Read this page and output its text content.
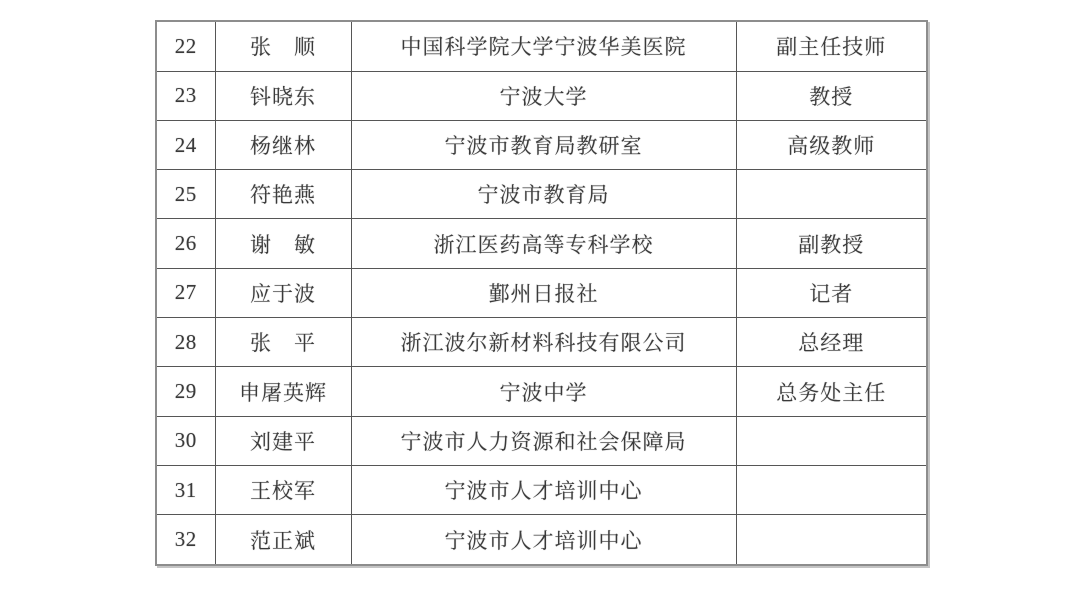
22	张　顺	中国科学院大学宁波华美医院	副主任技师
23	钭晓东	宁波大学	教授
24	杨继林	宁波市教育局教研室	高级教师
25	符艳燕	宁波市教育局	
26	谢　敏	浙江医药高等专科学校	副教授
27	应于波	鄞州日报社	记者
28	张　平	浙江波尔新材料科技有限公司	总经理
29	申屠英辉	宁波中学	总务处主任
30	刘建平	宁波市人力资源和社会保障局	
31	王校军	宁波市人才培训中心	
32	范正斌	宁波市人才培训中心	
